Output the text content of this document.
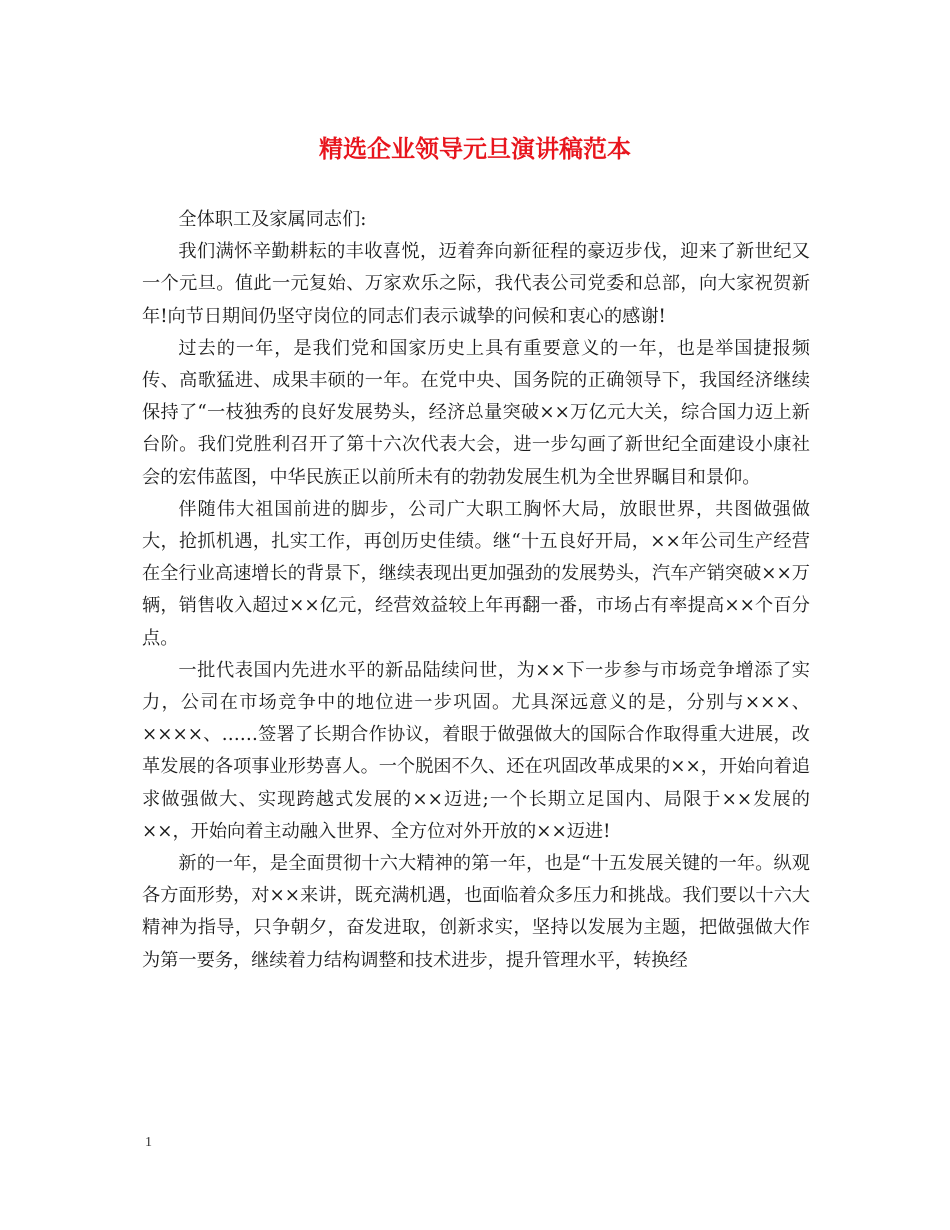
精选企业领导元旦演讲稿范本

全体职工及家属同志们:

我们满怀辛勤耕耘的丰收喜悦，迈着奔向新征程的豪迈步伐，迎来了新世纪又一个元旦。值此一元复始、万家欢乐之际，我代表公司党委和总部，向大家祝贺新年!向节日期间仍坚守岗位的同志们表示诚挚的问候和衷心的感谢!

过去的一年，是我们党和国家历史上具有重要意义的一年，也是举国捷报频传、高歌猛进、成果丰硕的一年。在党中央、国务院的正确领导下，我国经济继续保持了“一枝独秀的良好发展势头，经济总量突破××万亿元大关，综合国力迈上新台阶。我们党胜利召开了第十六次代表大会，进一步勾画了新世纪全面建设小康社会的宏伟蓝图，中华民族正以前所未有的勃勃发展生机为全世界瞩目和景仰。

伴随伟大祖国前进的脚步，公司广大职工胸怀大局，放眼世界，共图做强做大，抢抓机遇，扎实工作，再创历史佳绩。继“十五良好开局，××年公司生产经营在全行业高速增长的背景下，继续表现出更加强劲的发展势头，汽车产销突破××万辆，销售收入超过××亿元，经营效益较上年再翻一番，市场占有率提高××个百分点。

一批代表国内先进水平的新品陆续问世，为××下一步参与市场竞争增添了实力，公司在市场竞争中的地位进一步巩固。尤具深远意义的是，分别与×××、××××、……签署了长期合作协议，着眼于做强做大的国际合作取得重大进展，改革发展的各项事业形势喜人。一个脱困不久、还在巩固改革成果的××，开始向着追求做强做大、实现跨越式发展的××迈进;一个长期立足国内、局限于××发展的××，开始向着主动融入世界、全方位对外开放的××迈进!

新的一年，是全面贯彻十六大精神的第一年，也是“十五发展关键的一年。纵观各方面形势，对××来讲，既充满机遇，也面临着众多压力和挑战。我们要以十六大精神为指导，只争朝夕，奋发进取，创新求实，坚持以发展为主题，把做强做大作为第一要务，继续着力结构调整和技术进步，提升管理水平，转换经

1
